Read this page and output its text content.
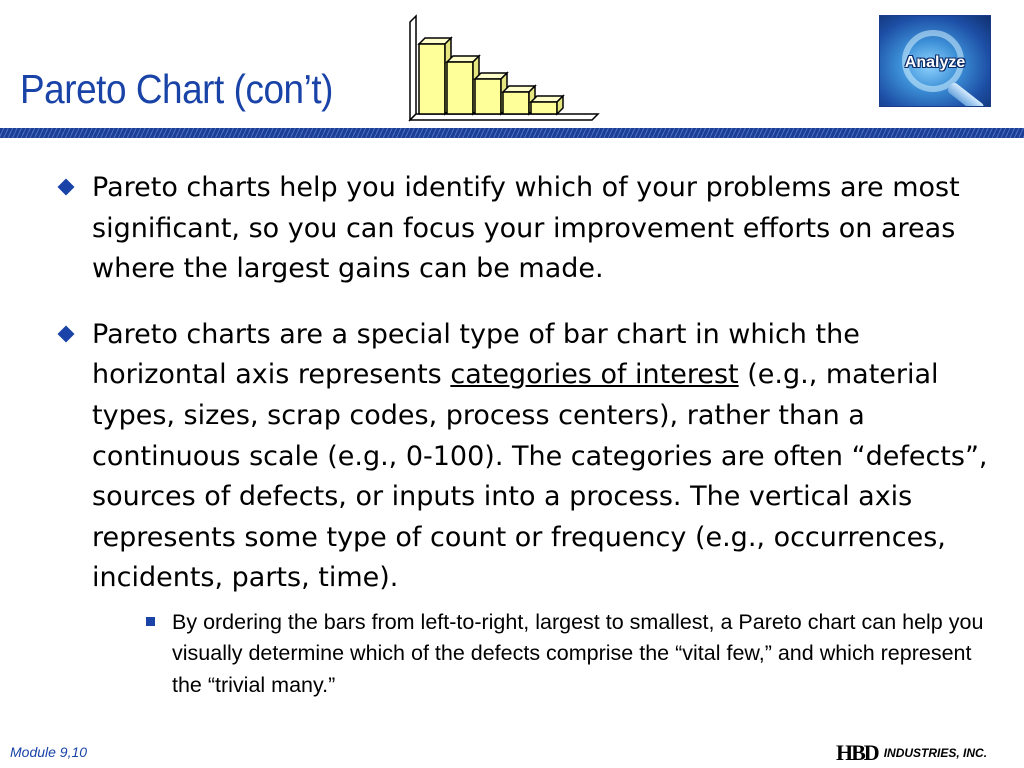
Pareto Chart (con’t)
Analyze
Pareto charts help you identify which of your problems are most significant, so you can focus your improvement efforts on areas where the largest gains can be made.
Pareto charts are a special type of bar chart in which the horizontal axis represents categories of interest (e.g., material types, sizes, scrap codes, process centers), rather than a continuous scale (e.g., 0-100). The categories are often “defects”, sources of defects, or inputs into a process. The vertical axis represents some type of count or frequency (e.g., occurrences, incidents, parts, time).
By ordering the bars from left-to-right, largest to smallest, a Pareto chart can help you visually determine which of the defects comprise the “vital few,” and which represent the “trivial many.”
Module 9,10	HBD INDUSTRIES, INC.
